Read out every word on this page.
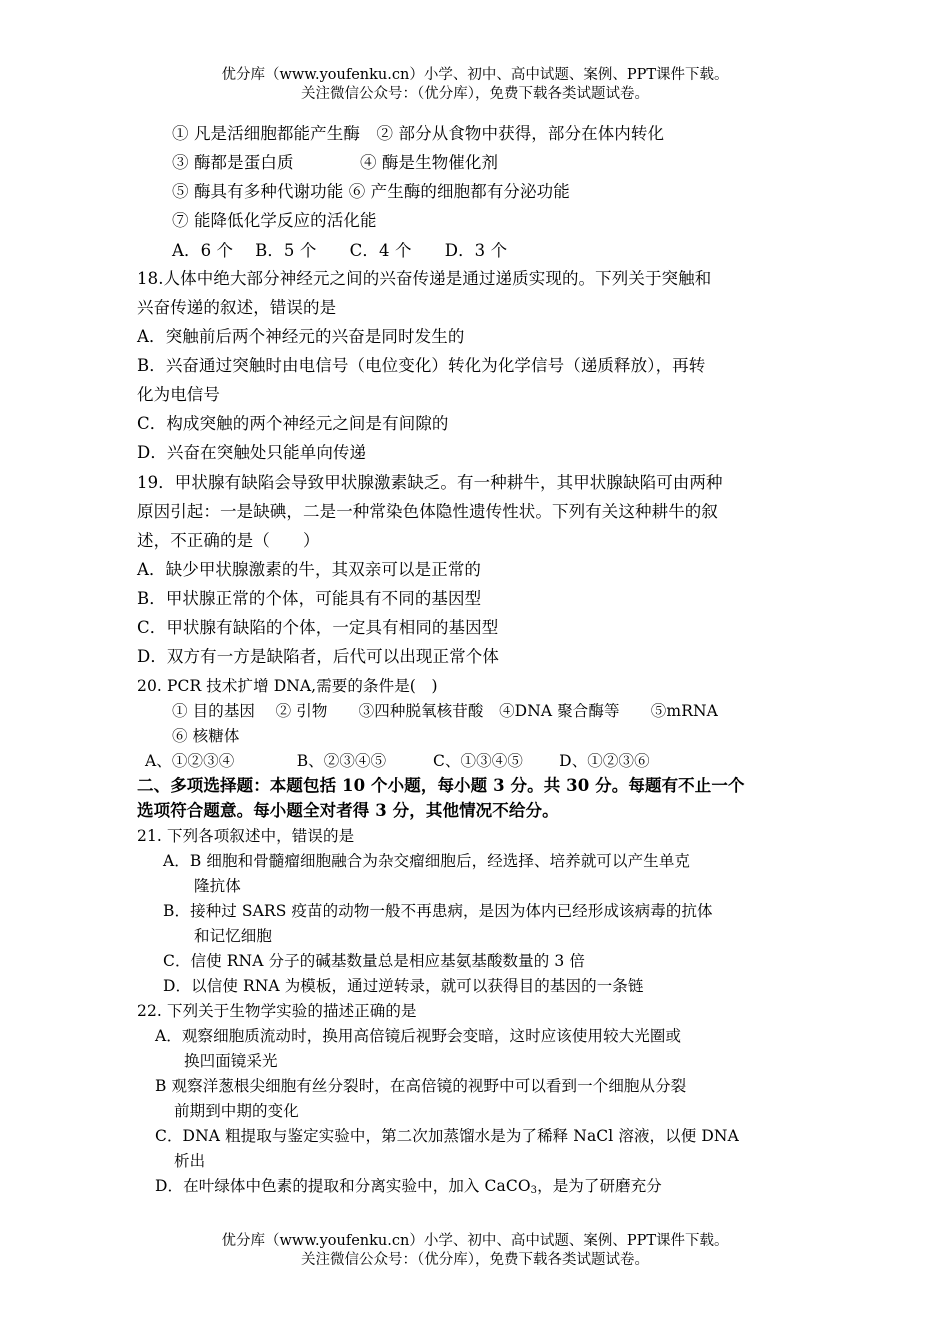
优分库（www.youfenku.cn）小学、初中、高中试题、案例、PPT课件下载。
关注微信公众号：（优分库），免费下载各类试题试卷。
① 凡是活细胞都能产生酶　② 部分从食物中获得，部分在体内转化
③ 酶都是蛋白质　　　　④ 酶是生物催化剂
⑤ 酶具有多种代谢功能 ⑥ 产生酶的细胞都有分泌功能
⑦ 能降低化学反应的活化能
A．6 个　 B．5 个　　C．4 个　　D．3 个
18.人体中绝大部分神经元之间的兴奋传递是通过递质实现的。下列关于突触和
兴奋传递的叙述，错误的是
A．突触前后两个神经元的兴奋是同时发生的
B．兴奋通过突触时由电信号（电位变化）转化为化学信号（递质释放），再转
化为电信号
C．构成突触的两个神经元之间是有间隙的
D．兴奋在突触处只能单向传递
19．甲状腺有缺陷会导致甲状腺激素缺乏。有一种耕牛，其甲状腺缺陷可由两种
原因引起：一是缺碘，二是一种常染色体隐性遗传性状。下列有关这种耕牛的叙
述，不正确的是（　　）
A．缺少甲状腺激素的牛，其双亲可以是正常的
B．甲状腺正常的个体，可能具有不同的基因型
C．甲状腺有缺陷的个体，一定具有相同的基因型
D．双方有一方是缺陷者，后代可以出现正常个体
20. PCR 技术扩增 DNA,需要的条件是(　)
① 目的基因　 ② 引物　　③四种脱氧核苷酸　④DNA 聚合酶等　　⑤mRNA
⑥ 核糖体
A、①②③④　　　　B、②③④⑤　　　C、①③④⑤　　 D、①②③⑥
二、多项选择题：本题包括 10 个小题，每小题 3 分。共 30 分。每题有不止一个
选项符合题意。每小题全对者得 3 分，其他情况不给分。
21. 下列各项叙述中，错误的是
A．B 细胞和骨髓瘤细胞融合为杂交瘤细胞后，经选择、培养就可以产生单克
隆抗体
B．接种过 SARS 疫苗的动物一般不再患病，是因为体内已经形成该病毒的抗体
和记忆细胞
C．信使 RNA 分子的碱基数量总是相应基氨基酸数量的 3 倍
D．以信使 RNA 为模板，通过逆转录，就可以获得目的基因的一条链
22. 下列关于生物学实验的描述正确的是
A．观察细胞质流动时，换用高倍镜后视野会变暗，这时应该使用较大光圈或
换凹面镜采光
B 观察洋葱根尖细胞有丝分裂时，在高倍镜的视野中可以看到一个细胞从分裂
前期到中期的变化
C．DNA 粗提取与鉴定实验中，第二次加蒸馏水是为了稀释 NaCl 溶液，以便 DNA
析出
D．在叶绿体中色素的提取和分离实验中，加入 CaCO$_3$，是为了研磨充分
优分库（www.youfenku.cn）小学、初中、高中试题、案例、PPT课件下载。
关注微信公众号：（优分库），免费下载各类试题试卷。
